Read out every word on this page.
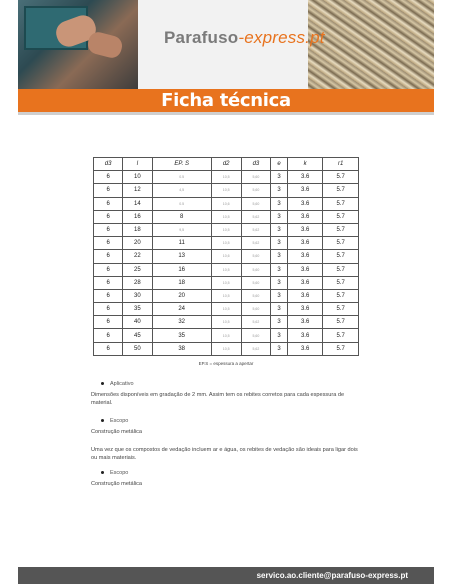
Parafuso-express.pt
Ficha técnica
d3	l	EP. S	d2	d3	e	k	r1
6	10	0.5	10,5	5,60	3	3.6	5.7
6	12	4,5	10,5	5,60	3	3.6	5.7
6	14	0.5	10,6	5,60	3	3.6	5.7
6	16	8	10,5	5,62	3	3.6	5.7
6	18	9,5	10,5	5,62	3	3.6	5.7
6	20	11	10,5	5,62	3	3.6	5.7
6	22	13	10,6	5,60	3	3.6	5.7
6	25	16	10,5	5,60	3	3.6	5.7
6	28	18	10,5	5,60	3	3.6	5.7
6	30	20	10,5	5,60	3	3.6	5.7
6	35	24	10,5	5,60	3	3.6	5.7
6	40	32	10,5	5,62	3	3.6	5.7
6	45	35	10,5	5,60	3	3.6	5.7
6	50	38	10,5	5,62	3	3.6	5.7
EP.S = espessura a apertar
Aplicativo
Dimensões disponíveis em gradação de 2 mm. Assim tem os rebites corretos para cada espessura de material.
Escopo
Construção metálica
Uma vez que os compostos de vedação incluem ar e água, os rebites de vedação são ideais para ligar dois ou mais materiais.
Escopo
Construção metálica
servico.ao.cliente@parafuso-express.pt
